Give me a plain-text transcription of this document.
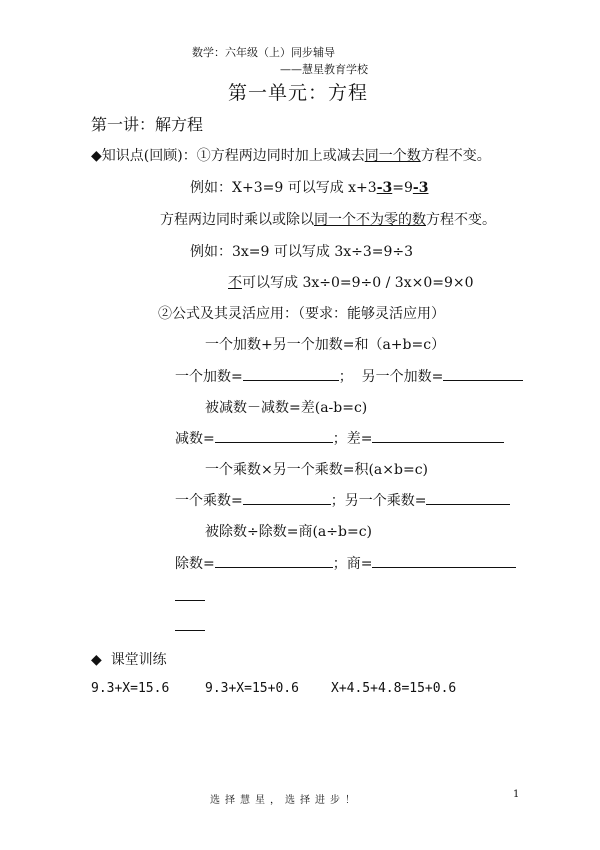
数学：六年级（上）同步辅导
——慧星教育学校
第一单元：方程
第一讲：解方程
◆知识点(回顾)：①方程两边同时加上或减去同一个数方程不变。
例如：X+3=9 可以写成 x+3-3=9-3
方程两边同时乘以或除以同一个不为零的数方程不变。
例如：3x=9 可以写成 3x÷3=9÷3
不可以写成 3x÷0=9÷0 / 3x×0=9×0
②公式及其灵活应用：（要求：能够灵活应用）
一个加数+另一个加数=和（a+b=c）
一个加数=	； 另一个加数=
被减数－减数=差(a-b=c)
减数=	；差=
一个乘数×另一个乘数=积(a×b=c)
一个乘数=	；另一个乘数=
被除数÷除数=商(a÷b=c)
除数=	；商=
◆ 课堂训练
9.3+X=15.6	9.3+X=15+0.6 X+4.5+4.8=15+0.6
选择慧星，选择进步！
1
